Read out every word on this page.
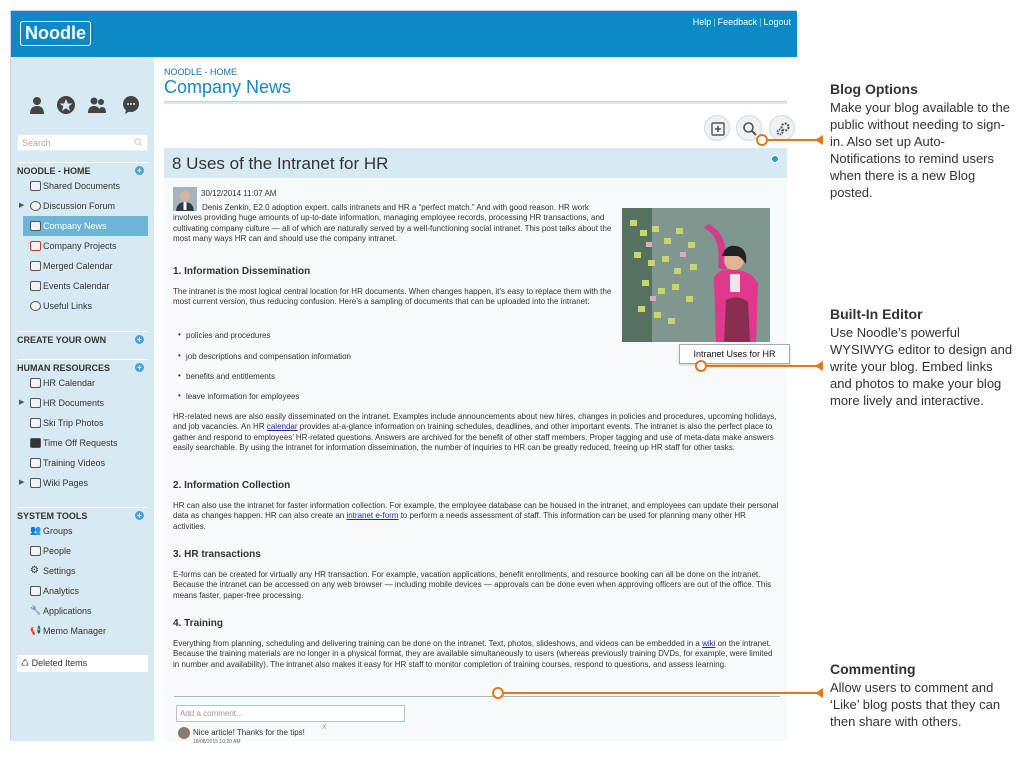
Noodle
Help | Feedback | Logout
Search
NOODLE - HOME	+
Shared Documents
▶ Discussion Forum
Company News
Company Projects
Merged Calendar
Events Calendar
Useful Links
CREATE YOUR OWN	+
HUMAN RESOURCES	+
HR Calendar
▶ HR Documents
Ski Trip Photos
Time Off Requests
Training Videos
▶ Wiki Pages
SYSTEM TOOLS	+
👥 Groups
People
⚙ Settings
Analytics
🔧 Applications
📢 Memo Manager
♺ Deleted Items
NOODLE - HOME
Company News
8 Uses of the Intranet for HR
30/12/2014 11:07 AM
Denis Zenkin, E2.0 adoption expert, calls intranets and HR a “perfect match.” And with good reason. HR work involves providing huge amounts of up-to-date information, managing employee records, processing HR transactions, and cultivating company culture — all of which are naturally served by a well-functioning social intranet. This post talks about the most many ways HR can and should use the company intranet.
Intranet Uses for HR
1. Information Dissemination
The intranet is the most logical central location for HR documents. When changes happen, it’s easy to replace them with the most current version, thus reducing confusion. Here’s a sampling of documents that can be uploaded into the intranet:
• policies and procedures
• job descriptions and compensation information
• benefits and entitlements
• leave information for employees
HR-related news are also easily disseminated on the intranet. Examples include announcements about new hires, changes in policies and procedures, upcoming holidays, and job vacancies. An HR calendar provides at-a-glance information on training schedules, deadlines, and other important events. The intranet is also the perfect place to gather and respond to employees’ HR-related questions. Answers are archived for the benefit of other staff members. Proper tagging and use of meta-data make answers easily searchable. By using the intranet for information dissemination, the number of inquiries to HR can be greatly reduced, freeing up HR staff for other tasks.
2. Information Collection
HR can also use the intranet for faster information collection. For example, the employee database can be housed in the intranet, and employees can update their personal data as changes happen. HR can also create an intranet e-form to perform a needs assessment of staff. This information can be used for planning many other HR activities.
3. HR transactions
E-forms can be created for virtually any HR transaction. For example, vacation applications, benefit enrollments, and resource booking can all be done on the intranet. Because the intranet can be accessed on any web browser — including mobile devices — approvals can be done even when approving officers are out of the office. This means faster, paper-free processing.
4. Training
Everything from planning, scheduling and delivering training can be done on the intranet. Text, photos, slideshows, and videos can be embedded in a wiki on the intranet. Because the training materials are no longer in a physical format, they are available simultaneously to users (whereas previously training DVDs, for example, were limited in number and availability). The intranet also makes it easy for HR staff to monitor completion of training courses, respond to questions, and assess learning.
Add a comment...
Nice article! Thanks for the tips!
X
18/08/2015 10:20 AM
Blog Options

Make your blog available to the public without needing to sign-in. Also set up Auto-Notifications to remind users when there is a new Blog posted.

Built-In Editor

Use Noodle’s powerful WYSIWYG editor to design and write your blog. Embed links and photos to make your blog more lively and interactive.

Commenting

Allow users to comment and ‘Like’ blog posts that they can then share with others.
